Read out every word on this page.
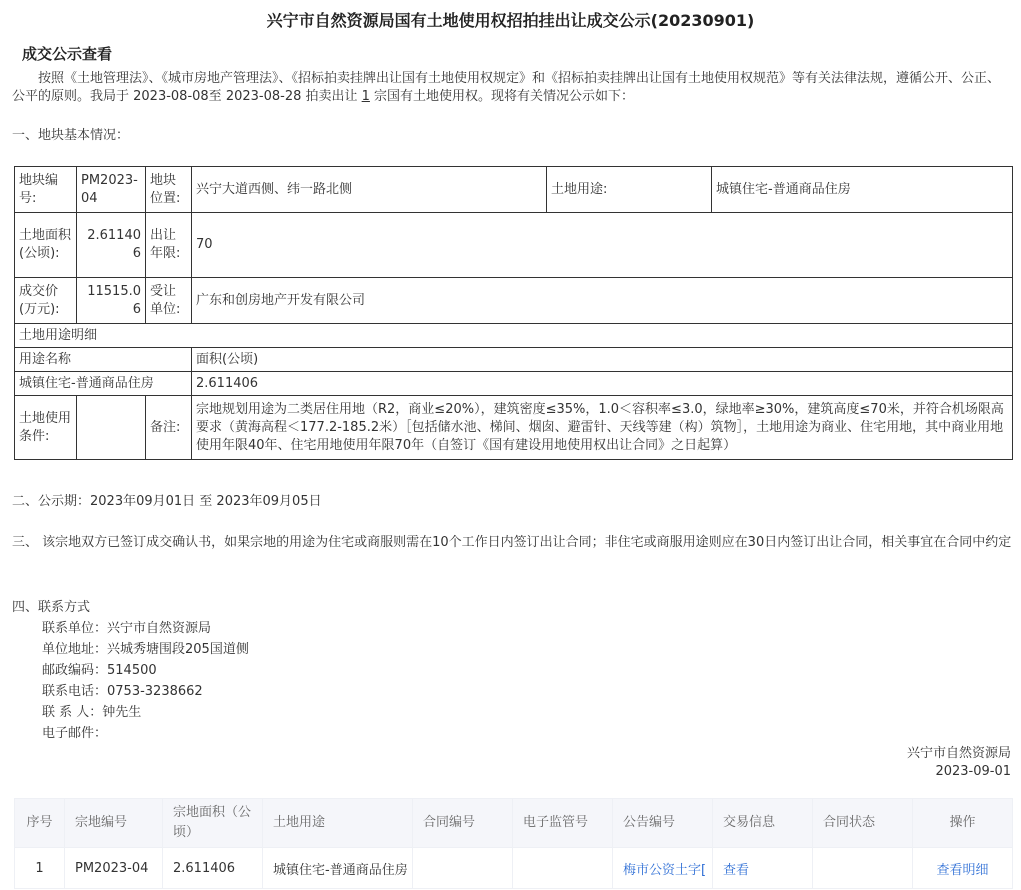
兴宁市自然资源局国有土地使用权招拍挂出让成交公示(20230901)
成交公示查看
按照《土地管理法》、《城市房地产管理法》、《招标拍卖挂牌出让国有土地使用权规定》和《招标拍卖挂牌出让国有土地使用权规范》等有关法律法规，遵循公开、公正、公平的原则。我局于 2023-08-08至 2023-08-28 拍卖出让 1 宗国有土地使用权。现将有关情况公示如下：
一、地块基本情况：
地块编号:	PM2023-04	地块位置:	兴宁大道西侧、纬一路北侧	土地用途:	城镇住宅-普通商品住房
土地面积(公顷):	2.611406	出让年限:	70		
成交价(万元):	11515.06	受让单位:	广东和创房地产开发有限公司		
土地用途明细					
用途名称			面积(公顷)		
城镇住宅-普通商品住房			2.611406		
土地使用条件:		备注:	宗地规划用途为二类居住用地（R2，商业≤20%），建筑密度≤35%，1.0＜容积率≤3.0，绿地率≥30%，建筑高度≤70米，并符合机场限高要求（黄海高程＜177.2-185.2米）［包括储水池、梯间、烟囱、避雷针、天线等建（构）筑物］，土地用途为商业、住宅用地，其中商业用地使用年限40年、住宅用地使用年限70年（自签订《国有建设用地使用权出让合同》之日起算）		
二、公示期：2023年09月01日 至 2023年09月05日
三、 该宗地双方已签订成交确认书，如果宗地的用途为住宅或商服则需在10个工作日内签订出让合同；非住宅或商服用途则应在30日内签订出让合同，相关事宜在合同中约定
四、联系方式
联系单位：兴宁市自然资源局
单位地址：兴城秀塘围段205国道侧
邮政编码：514500
联系电话：0753-3238662
联 系 人：钟先生
电子邮件：
兴宁市自然资源局
2023-09-01
序号	宗地编号	宗地面积（公顷）	土地用途	合同编号	电子监管号	公告编号	交易信息	合同状态	操作
1	PM2023-04	2.611406	城镇住宅-普通商品住房			梅市公资土字[	查看		查看明细
